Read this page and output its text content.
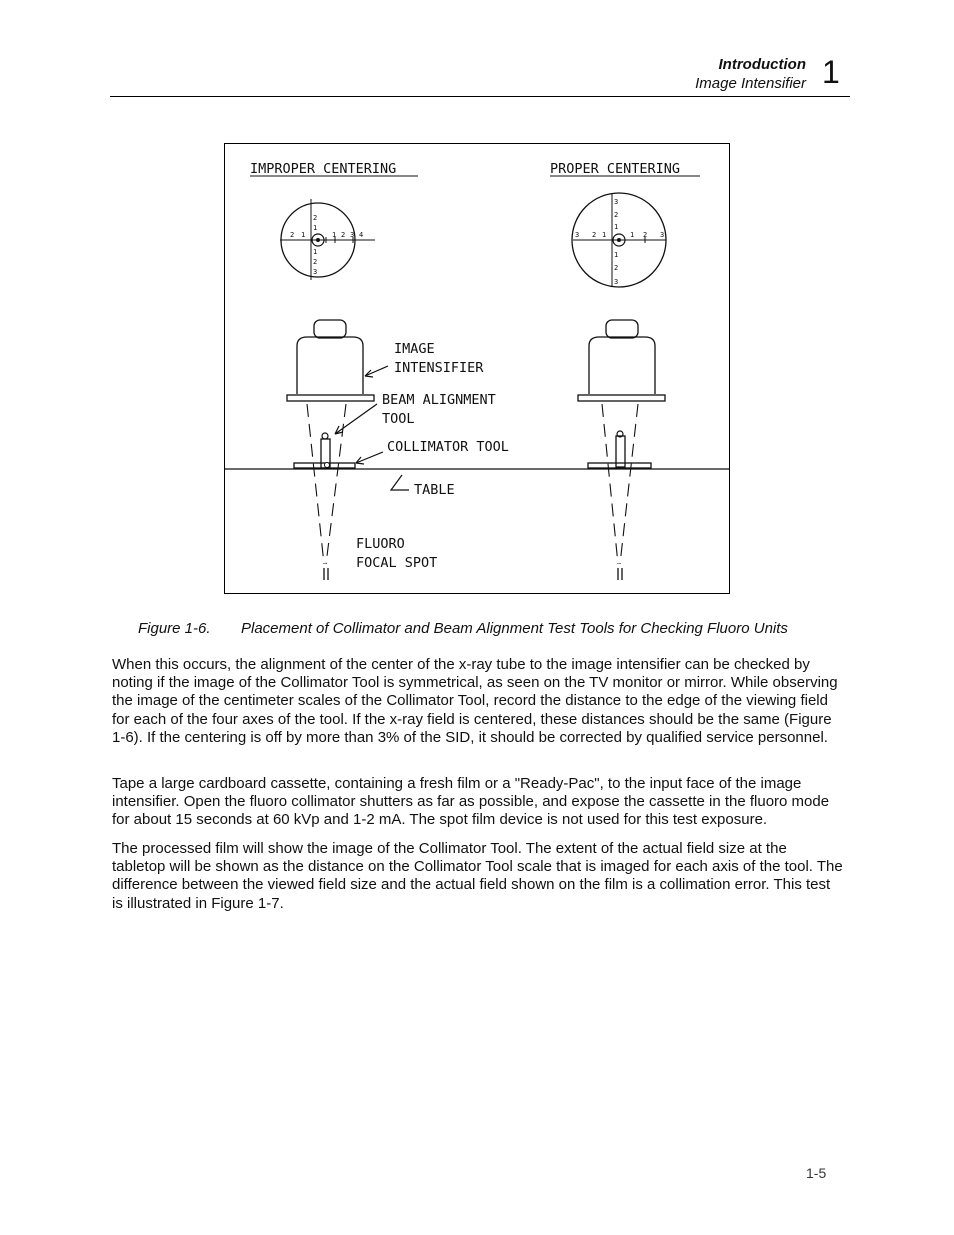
Introduction
Image Intensifier 1
IMPROPER CENTERING	PROPER CENTERING
2 1	1 2 3 4
2
1
1
2
3
3 2 1	1 2 3
3
2
1
1
2
3
IMAGE
INTENSIFIER
BEAM ALIGNMENT
TOOL
COLLIMATOR TOOL
TABLE
FLUORO
FOCAL SPOT
Figure 1-6. Placement of Collimator and Beam Alignment Test Tools for Checking Fluoro Units

When this occurs, the alignment of the center of the x-ray tube to the image intensifier can be checked by noting if the image of the Collimator Tool is symmetrical, as seen on the TV monitor or mirror. While observing the image of the centimeter scales of the Collimator Tool, record the distance to the edge of the viewing field for each of the four axes of the tool. If the x-ray field is centered, these distances should be the same (Figure 1-6). If the centering is off by more than 3% of the SID, it should be corrected by qualified service personnel.

Tape a large cardboard cassette, containing a fresh film or a "Ready-Pac", to the input face of the image intensifier. Open the fluoro collimator shutters as far as possible, and expose the cassette in the fluoro mode for about 15 seconds at 60 kVp and 1-2 mA. The spot film device is not used for this test exposure.

The processed film will show the image of the Collimator Tool. The extent of the actual field size at the tabletop will be shown as the distance on the Collimator Tool scale that is imaged for each axis of the tool. The difference between the viewed field size and the actual field shown on the film is a collimation error. This test is illustrated in Figure 1-7.

1-5
